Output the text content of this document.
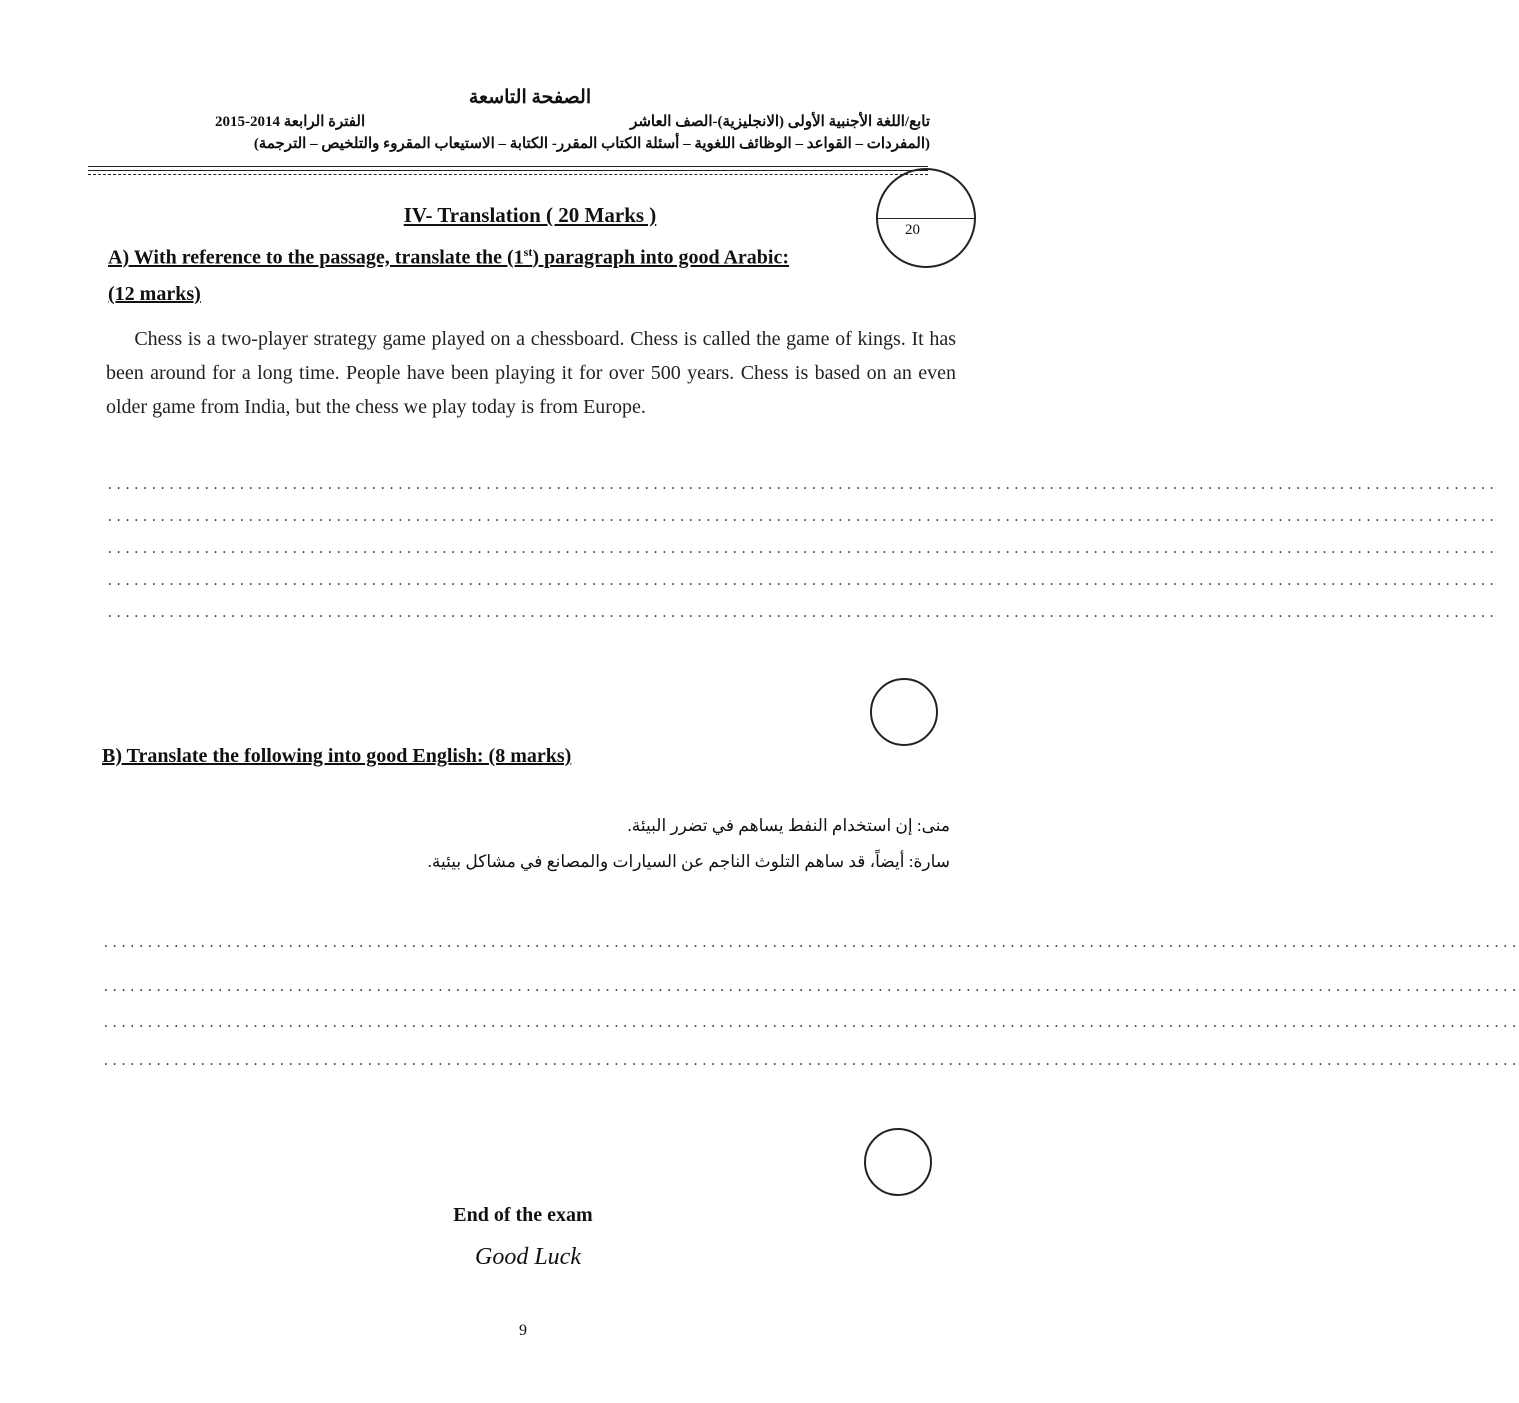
الصفحة التاسعة
الفترة الرابعة 2014-2015	تابع/اللغة الأجنبية الأولى (الانجليزية)-الصف العاشر
(المفردات – القواعد – الوظائف اللغوية – أسئلة الكتاب المقرر- الكتابة – الاستيعاب المقروء والتلخيص – الترجمة)
20
IV- Translation ( 20 Marks )
A) With reference to the passage, translate the (1st) paragraph into good Arabic:
(12 marks)
Chess is a two-player strategy game played on a chessboard. Chess is called the game of kings. It has been around for a long time. People have been playing it for over 500 years. Chess is based on an even older game from India, but the chess we play today is from Europe.
..............................................................................................................................................................
..............................................................................................................................................................
..............................................................................................................................................................
..............................................................................................................................................................
..............................................................................................................................................................
B) Translate the following into good English: (8 marks)
منى: إن استخدام النفط يساهم في تضرر البيئة.
سارة: أيضاً، قد ساهم التلوث الناجم عن السيارات والمصانع في مشاكل بيئية.
.................................................................................................................................................................
.................................................................................................................................................................
.................................................................................................................................................................
.................................................................................................................................................................
End of the exam
Good Luck
9
